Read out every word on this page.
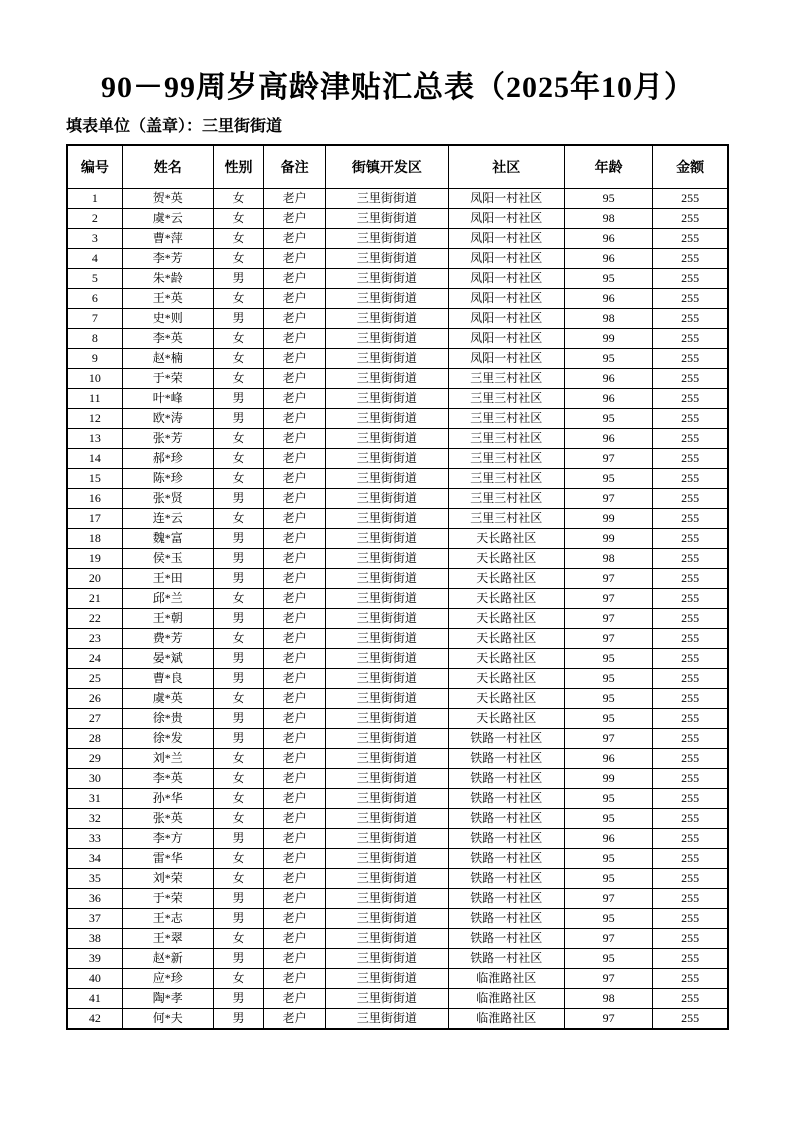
90－99周岁高龄津贴汇总表（2025年10月）
填表单位（盖章）：三里街街道
编号	姓名	性别	备注	街镇开发区	社区	年龄	金额
1	贺*英	女	老户	三里街街道	凤阳一村社区	95	255
2	虞*云	女	老户	三里街街道	凤阳一村社区	98	255
3	曹*萍	女	老户	三里街街道	凤阳一村社区	96	255
4	李*芳	女	老户	三里街街道	凤阳一村社区	96	255
5	朱*龄	男	老户	三里街街道	凤阳一村社区	95	255
6	王*英	女	老户	三里街街道	凤阳一村社区	96	255
7	史*则	男	老户	三里街街道	凤阳一村社区	98	255
8	李*英	女	老户	三里街街道	凤阳一村社区	99	255
9	赵*楠	女	老户	三里街街道	凤阳一村社区	95	255
10	于*荣	女	老户	三里街街道	三里三村社区	96	255
11	叶*峰	男	老户	三里街街道	三里三村社区	96	255
12	欧*涛	男	老户	三里街街道	三里三村社区	95	255
13	张*芳	女	老户	三里街街道	三里三村社区	96	255
14	郝*珍	女	老户	三里街街道	三里三村社区	97	255
15	陈*珍	女	老户	三里街街道	三里三村社区	95	255
16	张*贤	男	老户	三里街街道	三里三村社区	97	255
17	连*云	女	老户	三里街街道	三里三村社区	99	255
18	魏*富	男	老户	三里街街道	天长路社区	99	255
19	侯*玉	男	老户	三里街街道	天长路社区	98	255
20	王*田	男	老户	三里街街道	天长路社区	97	255
21	邱*兰	女	老户	三里街街道	天长路社区	97	255
22	王*朝	男	老户	三里街街道	天长路社区	97	255
23	费*芳	女	老户	三里街街道	天长路社区	97	255
24	晏*斌	男	老户	三里街街道	天长路社区	95	255
25	曹*良	男	老户	三里街街道	天长路社区	95	255
26	虞*英	女	老户	三里街街道	天长路社区	95	255
27	徐*贵	男	老户	三里街街道	天长路社区	95	255
28	徐*发	男	老户	三里街街道	铁路一村社区	97	255
29	刘*兰	女	老户	三里街街道	铁路一村社区	96	255
30	李*英	女	老户	三里街街道	铁路一村社区	99	255
31	孙*华	女	老户	三里街街道	铁路一村社区	95	255
32	张*英	女	老户	三里街街道	铁路一村社区	95	255
33	李*方	男	老户	三里街街道	铁路一村社区	96	255
34	雷*华	女	老户	三里街街道	铁路一村社区	95	255
35	刘*荣	女	老户	三里街街道	铁路一村社区	95	255
36	于*荣	男	老户	三里街街道	铁路一村社区	97	255
37	王*志	男	老户	三里街街道	铁路一村社区	95	255
38	王*翠	女	老户	三里街街道	铁路一村社区	97	255
39	赵*新	男	老户	三里街街道	铁路一村社区	95	255
40	应*珍	女	老户	三里街街道	临淮路社区	97	255
41	陶*孝	男	老户	三里街街道	临淮路社区	98	255
42	何*夫	男	老户	三里街街道	临淮路社区	97	255
